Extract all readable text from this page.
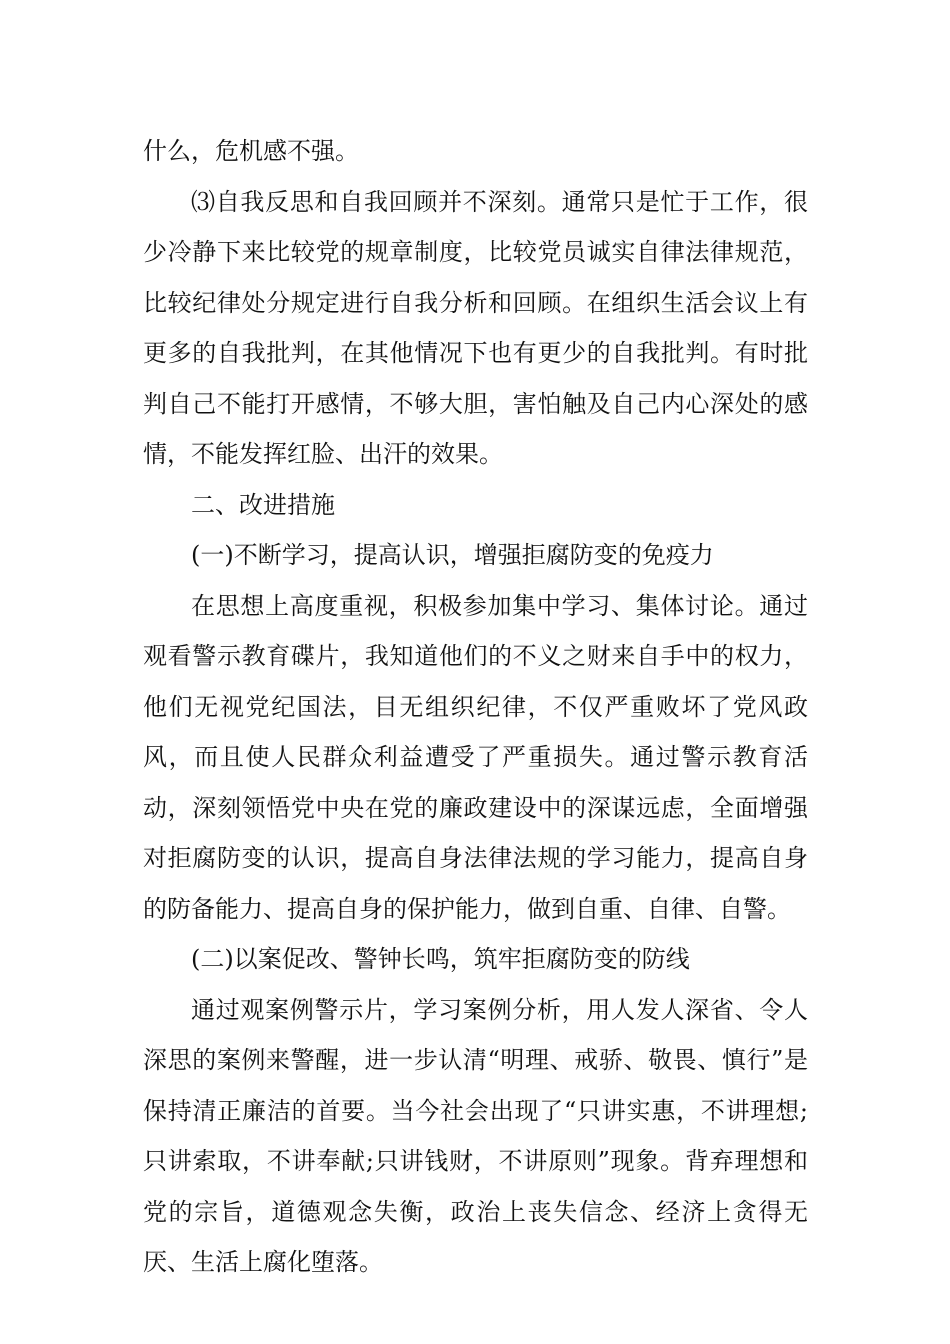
什么，危机感不强。

⑶自我反思和自我回顾并不深刻。通常只是忙于工作，很少冷静下来比较党的规章制度，比较党员诚实自律法律规范，比较纪律处分规定进行自我分析和回顾。在组织生活会议上有更多的自我批判，在其他情况下也有更少的自我批判。有时批判自己不能打开感情，不够大胆，害怕触及自己内心深处的感情，不能发挥红脸、出汗的效果。

二、改进措施

(一)不断学习，提高认识，增强拒腐防变的免疫力

在思想上高度重视，积极参加集中学习、集体讨论。通过观看警示教育碟片，我知道他们的不义之财来自手中的权力，他们无视党纪国法，目无组织纪律，不仅严重败坏了党风政风，而且使人民群众利益遭受了严重损失。通过警示教育活动，深刻领悟党中央在党的廉政建设中的深谋远虑，全面增强对拒腐防变的认识，提高自身法律法规的学习能力，提高自身的防备能力、提高自身的保护能力，做到自重、自律、自警。

(二)以案促改、警钟长鸣，筑牢拒腐防变的防线

通过观案例警示片，学习案例分析，用人发人深省、令人深思的案例来警醒，进一步认清“明理、戒骄、敬畏、慎行”是保持清正廉洁的首要。当今社会出现了“只讲实惠，不讲理想;只讲索取，不讲奉献;只讲钱财，不讲原则”现象。背弃理想和党的宗旨，道德观念失衡，政治上丧失信念、经济上贪得无厌、生活上腐化堕落。
